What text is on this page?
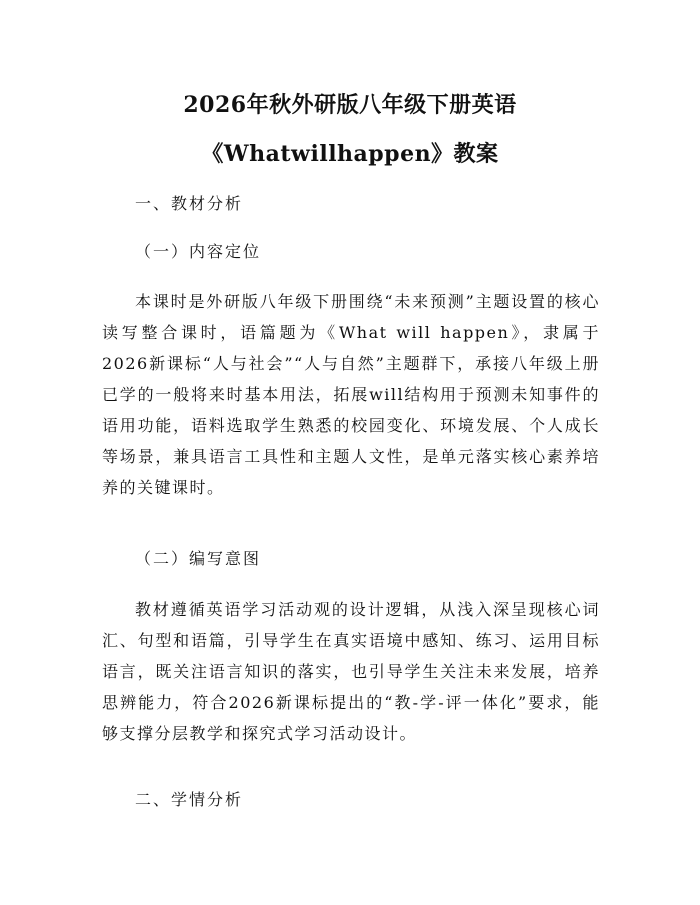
2026年秋外研版八年级下册英语
《Whatwillhappen》教案
一、教材分析
（一）内容定位
本课时是外研版八年级下册围绕“未来预测”主题设置的核心读写整合课时，语篇题为《What will happen》，隶属于2026新课标“人与社会”“人与自然”主题群下，承接八年级上册已学的一般将来时基本用法，拓展will结构用于预测未知事件的语用功能，语料选取学生熟悉的校园变化、环境发展、个人成长等场景，兼具语言工具性和主题人文性，是单元落实核心素养培养的关键课时。
（二）编写意图
教材遵循英语学习活动观的设计逻辑，从浅入深呈现核心词汇、句型和语篇，引导学生在真实语境中感知、练习、运用目标语言，既关注语言知识的落实，也引导学生关注未来发展，培养思辨能力，符合2026新课标提出的“教-学-评一体化”要求，能够支撑分层教学和探究式学习活动设计。
二、学情分析
